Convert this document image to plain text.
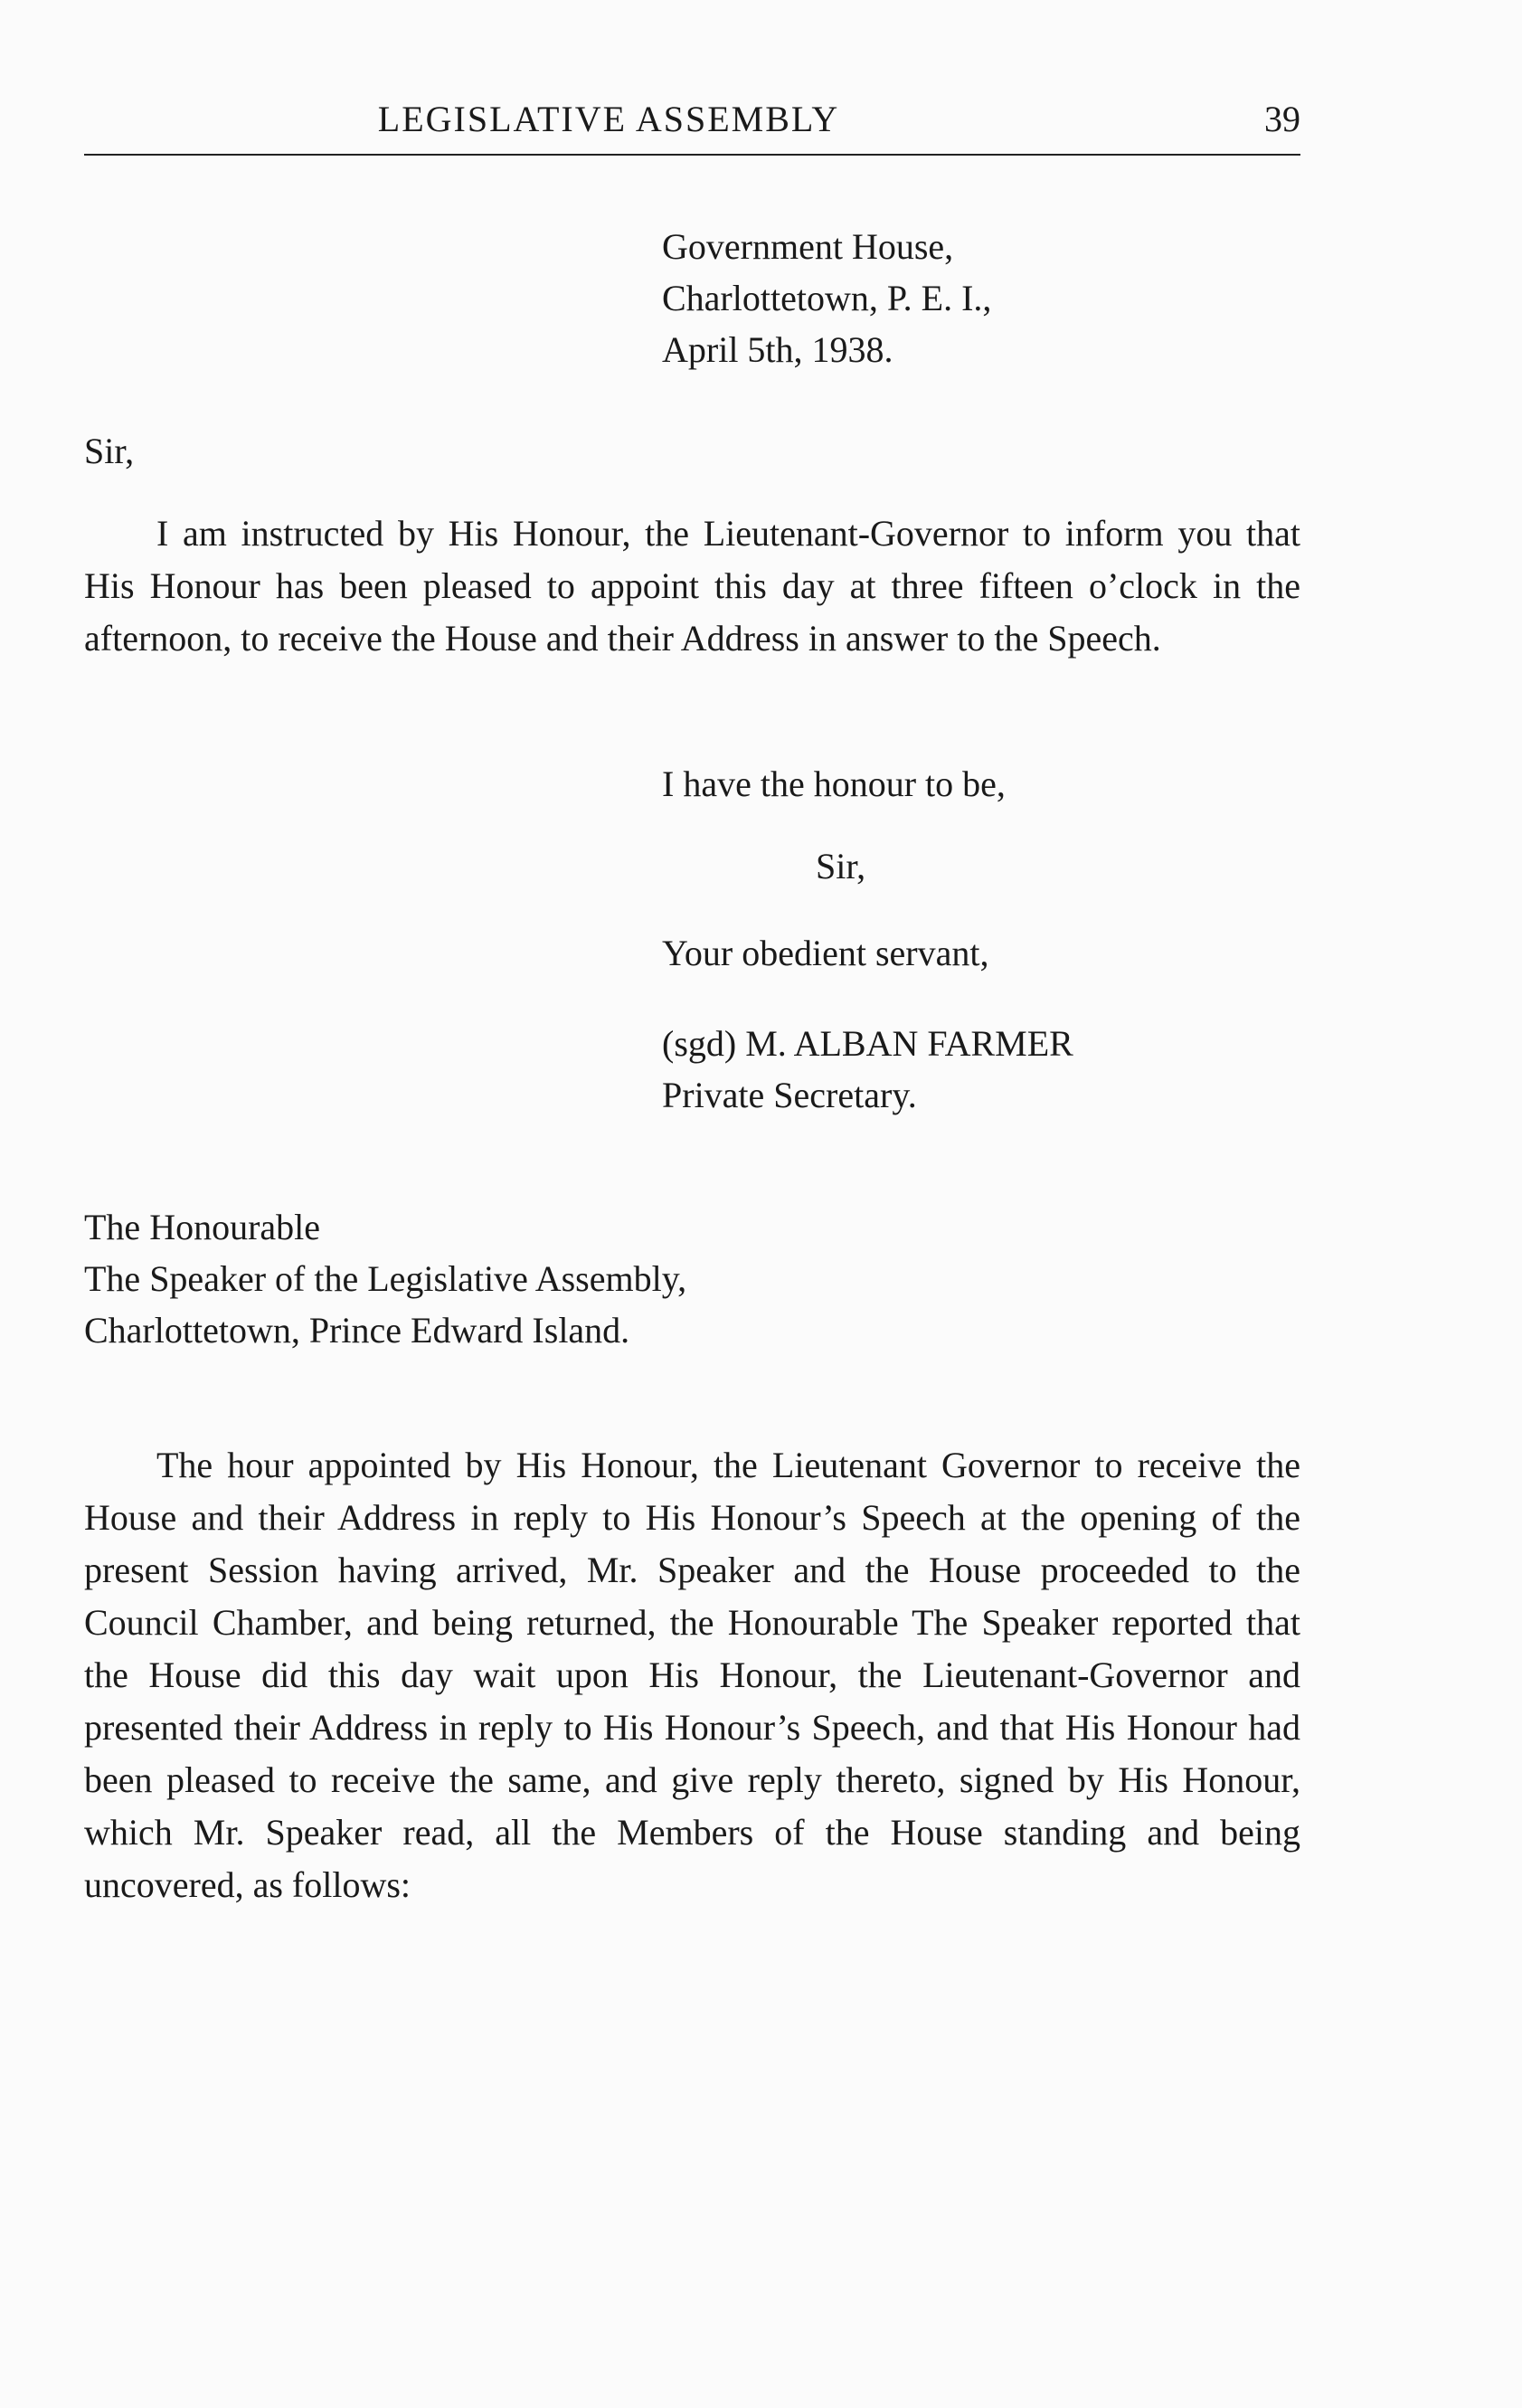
LEGISLATIVE ASSEMBLY	39
Government House,
Charlottetown, P. E. I.,
April 5th, 1938.
Sir,

I am instructed by His Honour, the Lieutenant-Governor to inform you that His Honour has been pleased to appoint this day at three fifteen o’clock in the afternoon, to receive the House and their Address in answer to the Speech.

I have the honour to be,
Sir,
Your obedient servant,
(sgd) M. ALBAN FARMER
Private Secretary.
The Honourable
The Speaker of the Legislative Assembly,
Charlottetown, Prince Edward Island.

The hour appointed by His Honour, the Lieutenant Governor to receive the House and their Address in reply to His Honour’s Speech at the opening of the present Session having arrived, Mr. Speaker and the House proceeded to the Council Chamber, and being returned, the Honourable The Speaker reported that the House did this day wait upon His Honour, the Lieutenant-Governor and presented their Address in reply to His Honour’s Speech, and that His Honour had been pleased to receive the same, and give reply thereto, signed by His Honour, which Mr. Speaker read, all the Members of the House standing and being uncovered, as follows:
